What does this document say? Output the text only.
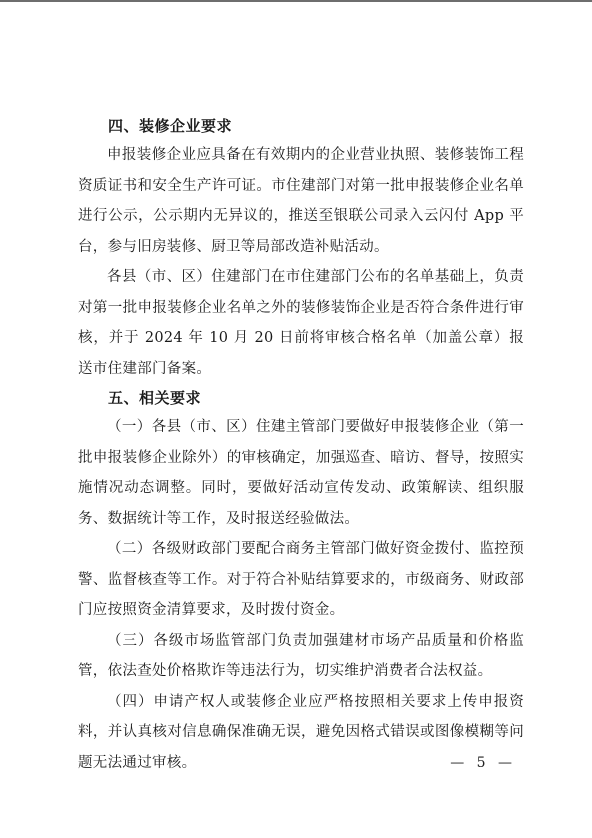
四、装修企业要求

申报装修企业应具备在有效期内的企业营业执照、装修装饰工程资质证书和安全生产许可证。市住建部门对第一批申报装修企业名单进行公示，公示期内无异议的，推送至银联公司录入云闪付 App 平台，参与旧房装修、厨卫等局部改造补贴活动。

各县（市、区）住建部门在市住建部门公布的名单基础上，负责对第一批申报装修企业名单之外的装修装饰企业是否符合条件进行审核，并于 2024 年 10 月 20 日前将审核合格名单（加盖公章）报送市住建部门备案。

五、相关要求

（一）各县（市、区）住建主管部门要做好申报装修企业（第一批申报装修企业除外）的审核确定，加强巡查、暗访、督导，按照实施情况动态调整。同时，要做好活动宣传发动、政策解读、组织服务、数据统计等工作，及时报送经验做法。

（二）各级财政部门要配合商务主管部门做好资金拨付、监控预警、监督核查等工作。对于符合补贴结算要求的，市级商务、财政部门应按照资金清算要求，及时拨付资金。

（三）各级市场监管部门负责加强建材市场产品质量和价格监管，依法查处价格欺诈等违法行为，切实维护消费者合法权益。

（四）申请产权人或装修企业应严格按照相关要求上传申报资料，并认真核对信息确保准确无误，避免因格式错误或图像模糊等问题无法通过审核。	— 5 —
